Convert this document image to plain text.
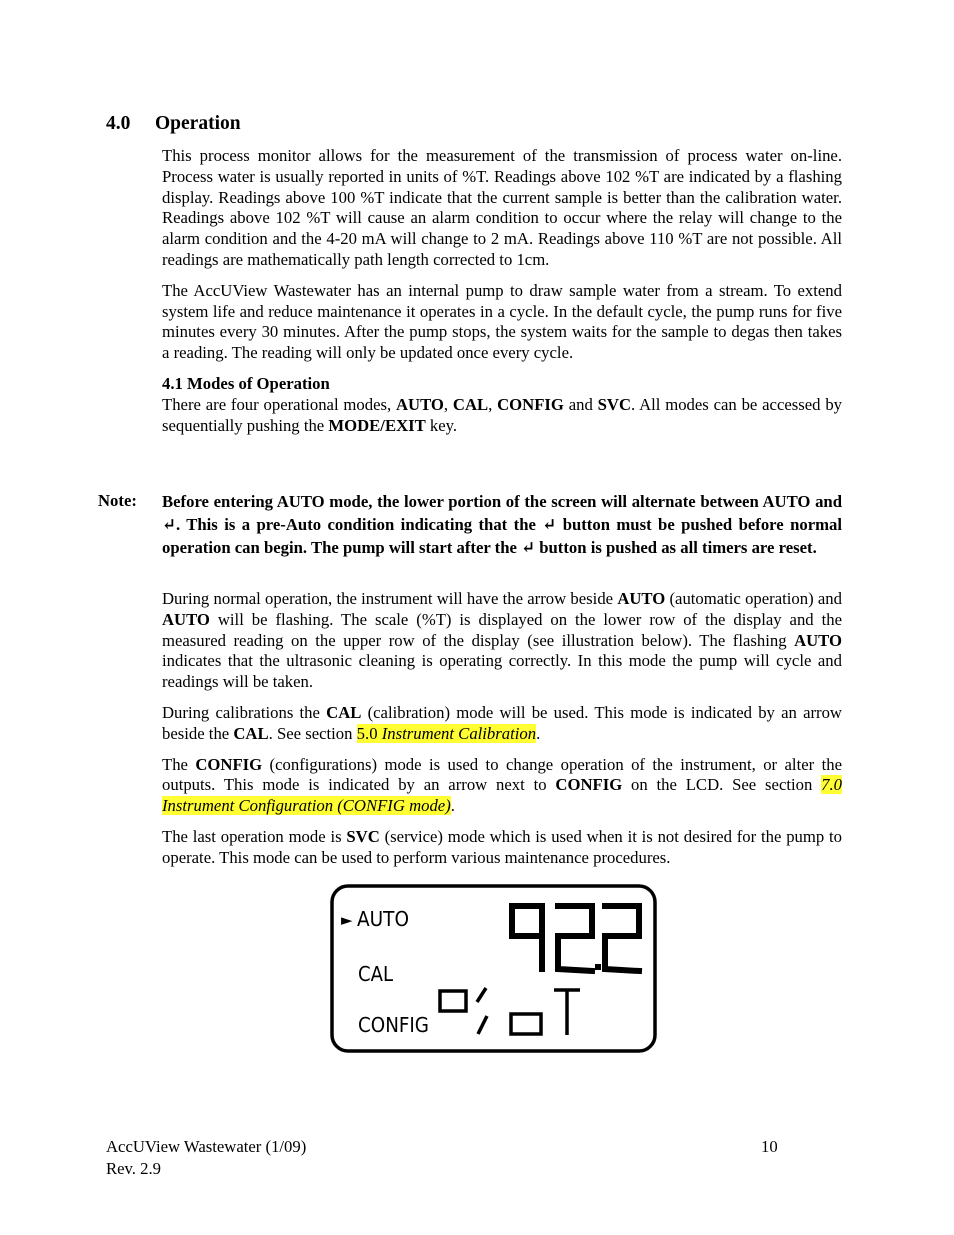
4.0 Operation

This process monitor allows for the measurement of the transmission of process water on-line. Process water is usually reported in units of %T. Readings above 102 %T are indicated by a flashing display. Readings above 100 %T indicate that the current sample is better than the calibration water. Readings above 102 %T will cause an alarm condition to occur where the relay will change to the alarm condition and the 4-20 mA will change to 2 mA. Readings above 110 %T are not possible. All readings are mathematically path length corrected to 1cm.

The AccUView Wastewater has an internal pump to draw sample water from a stream. To extend system life and reduce maintenance it operates in a cycle. In the default cycle, the pump runs for five minutes every 30 minutes. After the pump stops, the system waits for the sample to degas then takes a reading. The reading will only be updated once every cycle.

4.1 Modes of Operation

There are four operational modes, AUTO, CAL, CONFIG and SVC. All modes can be accessed by sequentially pushing the MODE/EXIT key.

Note: Before entering AUTO mode, the lower portion of the screen will alternate between AUTO and ↵. This is a pre-Auto condition indicating that the ↵ button must be pushed before normal operation can begin. The pump will start after the ↵ button is pushed as all timers are reset.

During normal operation, the instrument will have the arrow beside AUTO (automatic operation) and AUTO will be flashing. The scale (%T) is displayed on the lower row of the display and the measured reading on the upper row of the display (see illustration below). The flashing AUTO indicates that the ultrasonic cleaning is operating correctly. In this mode the pump will cycle and readings will be taken.

During calibrations the CAL (calibration) mode will be used. This mode is indicated by an arrow beside the CAL. See section 5.0 Instrument Calibration.

The CONFIG (configurations) mode is used to change operation of the instrument, or alter the outputs. This mode is indicated by an arrow next to CONFIG on the LCD. See section 7.0 Instrument Configuration (CONFIG mode).

The last operation mode is SVC (service) mode which is used when it is not desired for the pump to operate. This mode can be used to perform various maintenance procedures.

► AUTO
CAL
CONFIG
AccUView Wastewater (1/09)
Rev. 2.9
10
